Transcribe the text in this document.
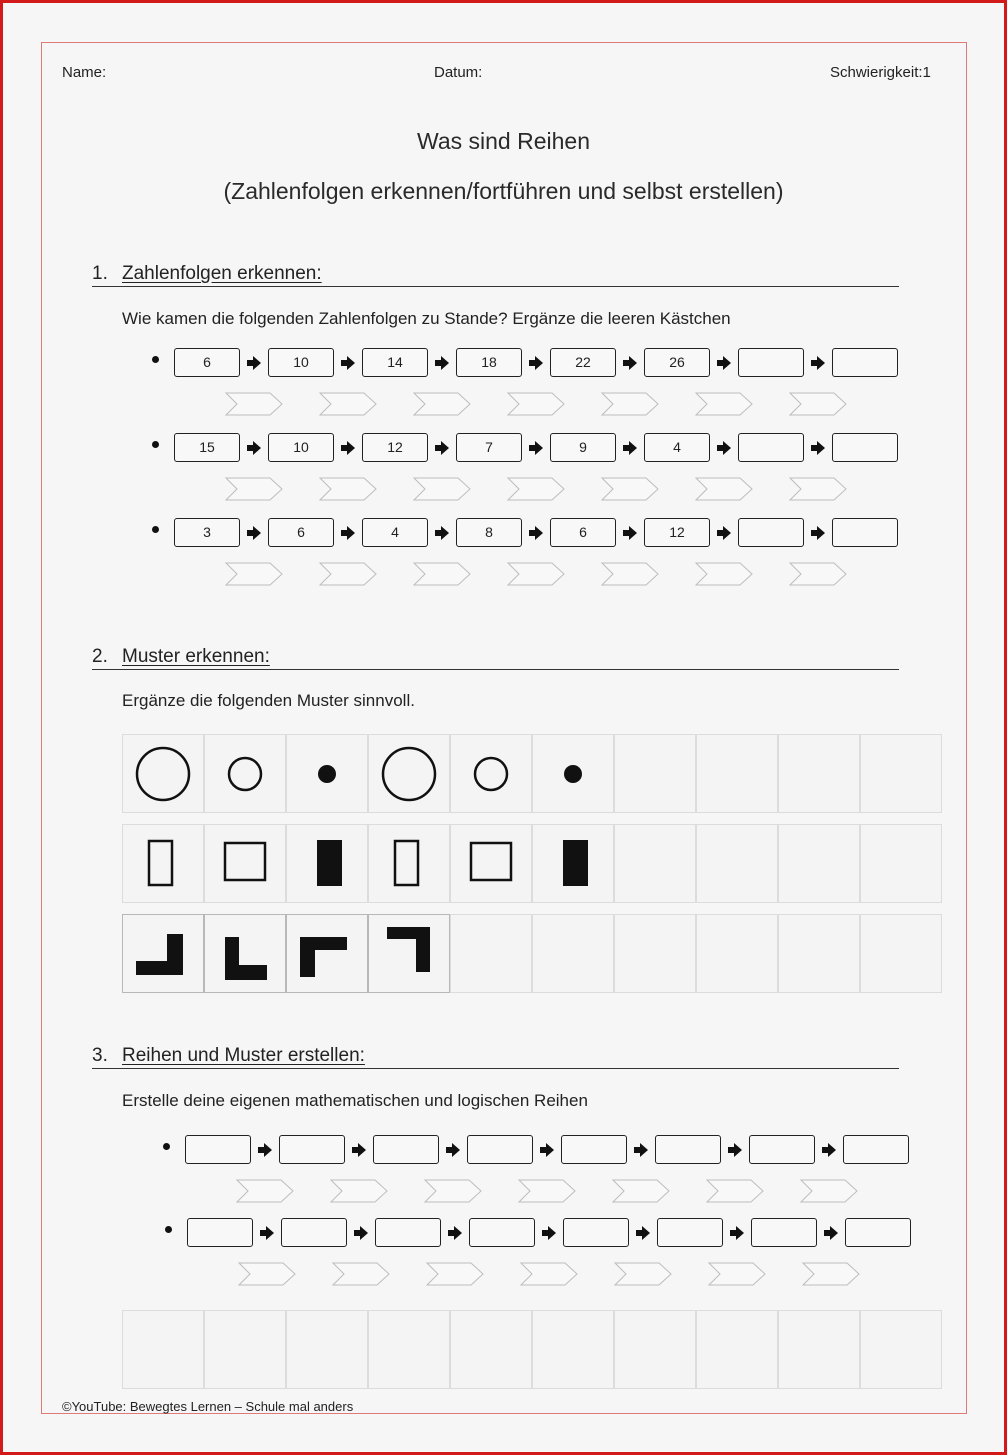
Name:	Datum:	Schwierigkeit:1
Was sind Reihen
(Zahlenfolgen erkennen/fortführen und selbst erstellen)
1. Zahlenfolgen erkennen:
Wie kamen die folgenden Zahlenfolgen zu Stande? Ergänze die leeren Kästchen
6	10	14	18	22	26
15	10	12	7	9	4
3	6	4	8	6	12
2. Muster erkennen:
Ergänze die folgenden Muster sinnvoll.
3. Reihen und Muster erstellen:
Erstelle deine eigenen mathematischen und logischen Reihen
©YouTube: Bewegtes Lernen – Schule mal anders
